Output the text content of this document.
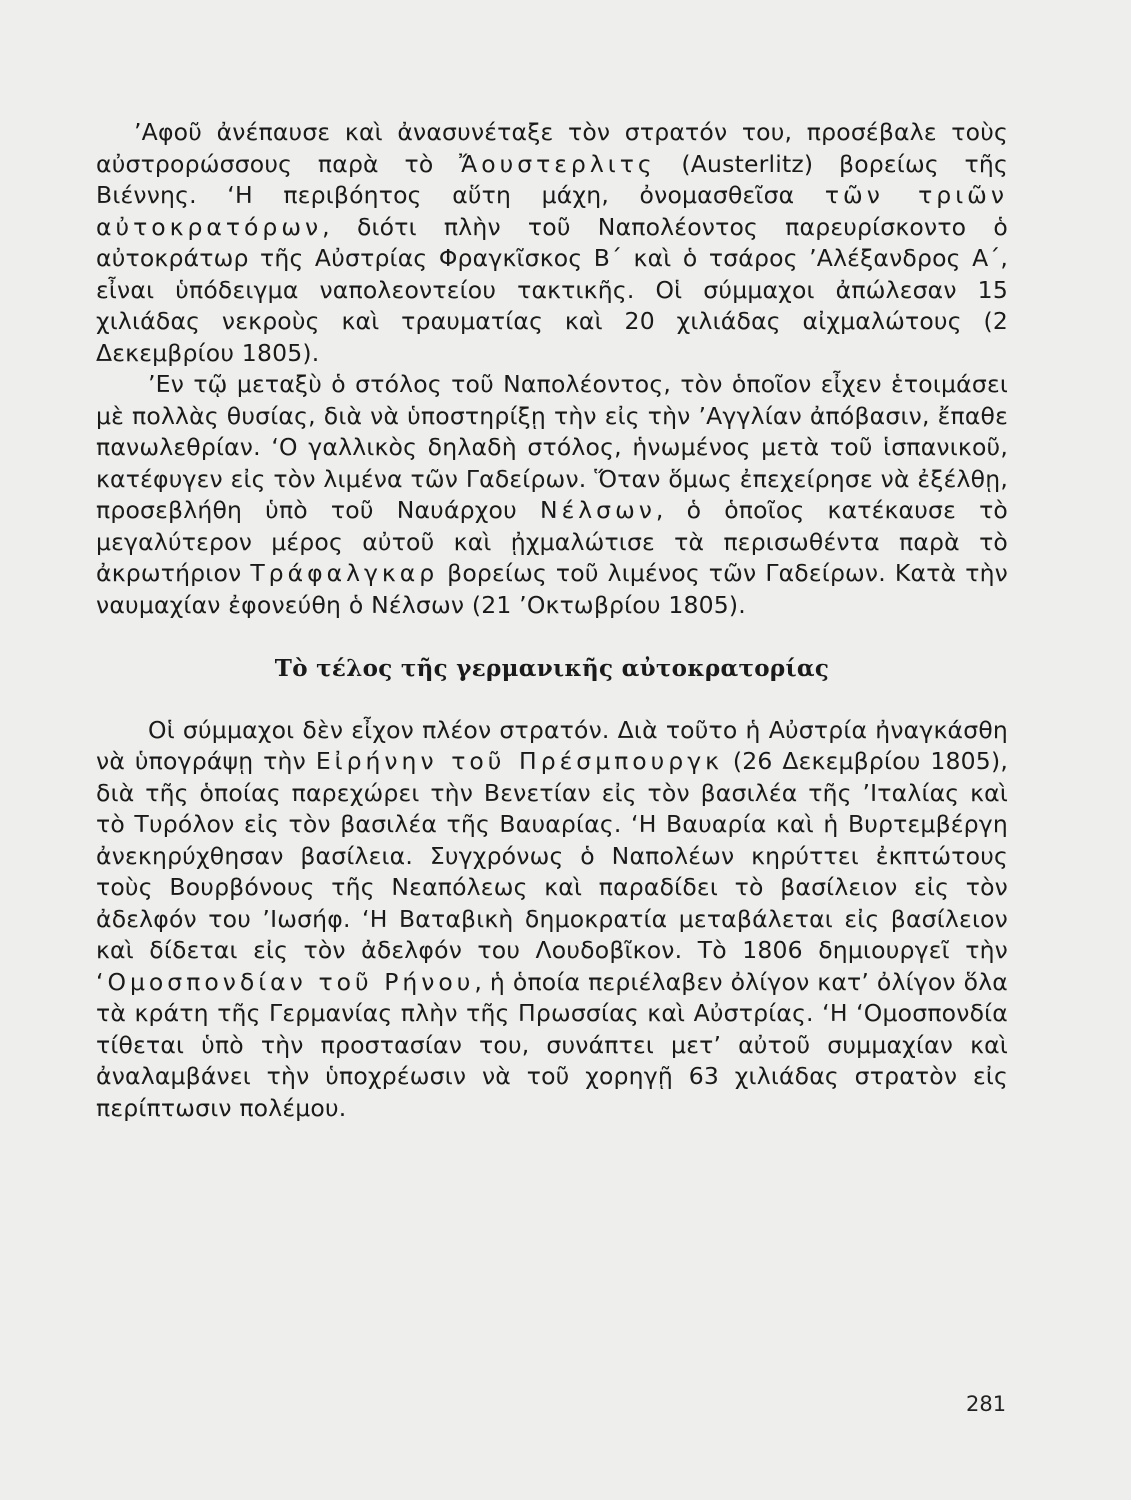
’Αφοῦ ἀνέπαυσε καὶ ἀνασυνέταξε τὸν στρατόν του, προσέβαλε τοὺς αὐστρορώσσους παρὰ τὸ Ἄουστερλιτς (Austerlitz) βορείως τῆς Βιέννης. ‘Η περιβόητος αὕτη μάχη, ὀνομασθεῖσα τῶν τριῶν αὐτοκρατόρων, διότι πλὴν τοῦ Ναπολέοντος παρευρίσκοντο ὁ αὐτοκράτωρ τῆς Αὐστρίας Φραγκῖσκος Β΄ καὶ ὁ τσάρος ’Αλέξανδρος Α΄, εἶναι ὑπόδειγμα ναπολεοντείου τακτικῆς. Οἱ σύμμαχοι ἀπώλεσαν 15 χιλιάδας νεκροὺς καὶ τραυματίας καὶ 20 χιλιάδας αἰχμαλώτους (2 Δεκεμβρίου 1805).

’Εν τῷ μεταξὺ ὁ στόλος τοῦ Ναπολέοντος, τὸν ὁποῖον εἶχεν ἑτοιμάσει μὲ πολλὰς θυσίας, διὰ νὰ ὑποστηρίξῃ τὴν εἰς τὴν ’Αγγλίαν ἀπόβασιν, ἔπαθε πανωλεθρίαν. ‘Ο γαλλικὸς δηλαδὴ στόλος, ἡνωμένος μετὰ τοῦ ἱσπανικοῦ, κατέφυγεν εἰς τὸν λιμένα τῶν Γαδείρων. Ὅταν ὅμως ἐπεχείρησε νὰ ἐξέλθῃ, προσεβλήθη ὑπὸ τοῦ Ναυάρχου Νέλσων, ὁ ὁποῖος κατέκαυσε τὸ μεγαλύτερον μέρος αὐτοῦ καὶ ᾐχμαλώτισε τὰ περισωθέντα παρὰ τὸ ἀκρωτήριον Τράφαλγκαρ βορείως τοῦ λιμένος τῶν Γαδείρων. Κατὰ τὴν ναυμαχίαν ἐφονεύθη ὁ Νέλσων (21 ’Οκτωβρίου 1805).

Τὸ τέλος τῆς γερμανικῆς αὐτοκρατορίας

Οἱ σύμμαχοι δὲν εἶχον πλέον στρατόν. Διὰ τοῦτο ἡ Αὐστρία ἠναγκάσθη νὰ ὑπογράψῃ τὴν Εἰρήνην τοῦ Πρέσμπουργκ (26 Δεκεμβρίου 1805), διὰ τῆς ὁποίας παρεχώρει τὴν Βενετίαν εἰς τὸν βασιλέα τῆς ’Ιταλίας καὶ τὸ Τυρόλον εἰς τὸν βασιλέα τῆς Βαυαρίας. ‘Η Βαυαρία καὶ ἡ Βυρτεμβέργη ἀνεκηρύχθησαν βασίλεια. Συγχρόνως ὁ Ναπολέων κηρύττει ἐκπτώτους τοὺς Βουρβόνους τῆς Νεαπόλεως καὶ παραδίδει τὸ βασίλειον εἰς τὸν ἀδελφόν του ’Ιωσήφ. ‘Η Βαταβικὴ δημοκρατία μεταβάλεται εἰς βασίλειον καὶ δίδεται εἰς τὸν ἀδελφόν του Λουδοβῖκον. Τὸ 1806 δημιουργεῖ τὴν ‘Ομοσπονδίαν τοῦ Ρήνου, ἡ ὁποία περιέλαβεν ὀλίγον κατ’ ὀλίγον ὅλα τὰ κράτη τῆς Γερμανίας πλὴν τῆς Πρωσσίας καὶ Αὐστρίας. ‘Η ‘Ομοσπονδία τίθεται ὑπὸ τὴν προστασίαν του, συνάπτει μετ’ αὐτοῦ συμμαχίαν καὶ ἀναλαμβάνει τὴν ὑποχρέωσιν νὰ τοῦ χορηγῇ 63 χιλιάδας στρατὸν εἰς περίπτωσιν πολέμου.

281
